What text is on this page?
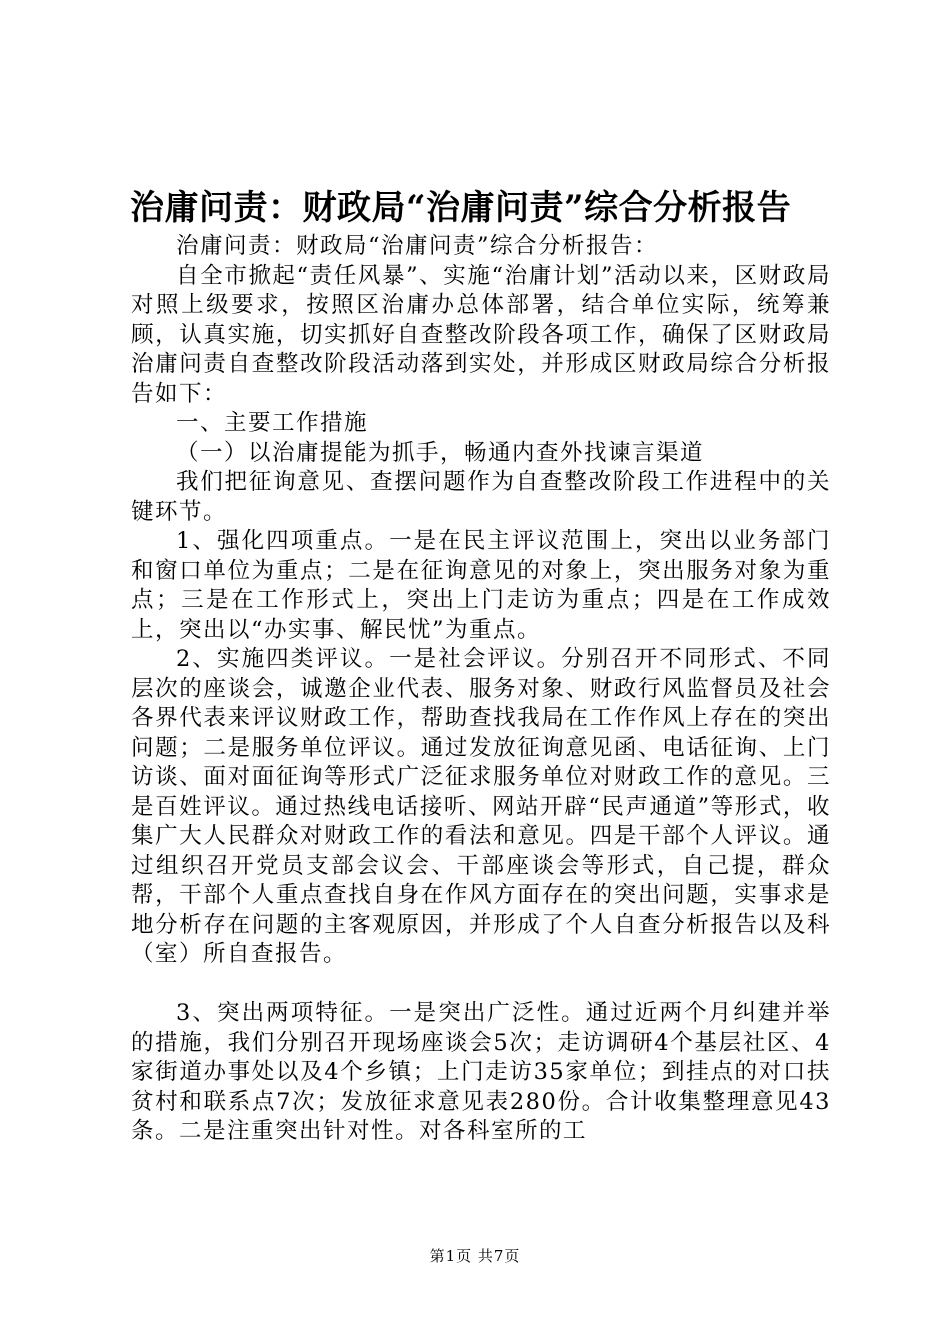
治庸问责：财政局“治庸问责”综合分析报告

治庸问责：财政局“治庸问责”综合分析报告：

自全市掀起“责任风暴”、实施“治庸计划”活动以来，区财政局对照上级要求，按照区治庸办总体部署，结合单位实际，统筹兼顾，认真实施，切实抓好自查整改阶段各项工作，确保了区财政局治庸问责自查整改阶段活动落到实处，并形成区财政局综合分析报告如下：

一、主要工作措施

（一）以治庸提能为抓手，畅通内查外找谏言渠道

我们把征询意见、查摆问题作为自查整改阶段工作进程中的关键环节。

1、强化四项重点。一是在民主评议范围上，突出以业务部门和窗口单位为重点；二是在征询意见的对象上，突出服务对象为重点；三是在工作形式上，突出上门走访为重点；四是在工作成效上，突出以“办实事、解民忧”为重点。

2、实施四类评议。一是社会评议。分别召开不同形式、不同层次的座谈会，诚邀企业代表、服务对象、财政行风监督员及社会各界代表来评议财政工作，帮助查找我局在工作作风上存在的突出问题；二是服务单位评议。通过发放征询意见函、电话征询、上门访谈、面对面征询等形式广泛征求服务单位对财政工作的意见。三是百姓评议。通过热线电话接听、网站开辟“民声通道”等形式，收集广大人民群众对财政工作的看法和意见。四是干部个人评议。通过组织召开党员支部会议会、干部座谈会等形式，自己提，群众帮，干部个人重点查找自身在作风方面存在的突出问题，实事求是地分析存在问题的主客观原因，并形成了个人自查分析报告以及科（室）所自查报告。

3、突出两项特征。一是突出广泛性。通过近两个月纠建并举的措施，我们分别召开现场座谈会5次；走访调研4个基层社区、4家街道办事处以及4个乡镇；上门走访35家单位；到挂点的对口扶贫村和联系点7次；发放征求意见表280份。合计收集整理意见43条。二是注重突出针对性。对各科室所的工

第1页 共7页
